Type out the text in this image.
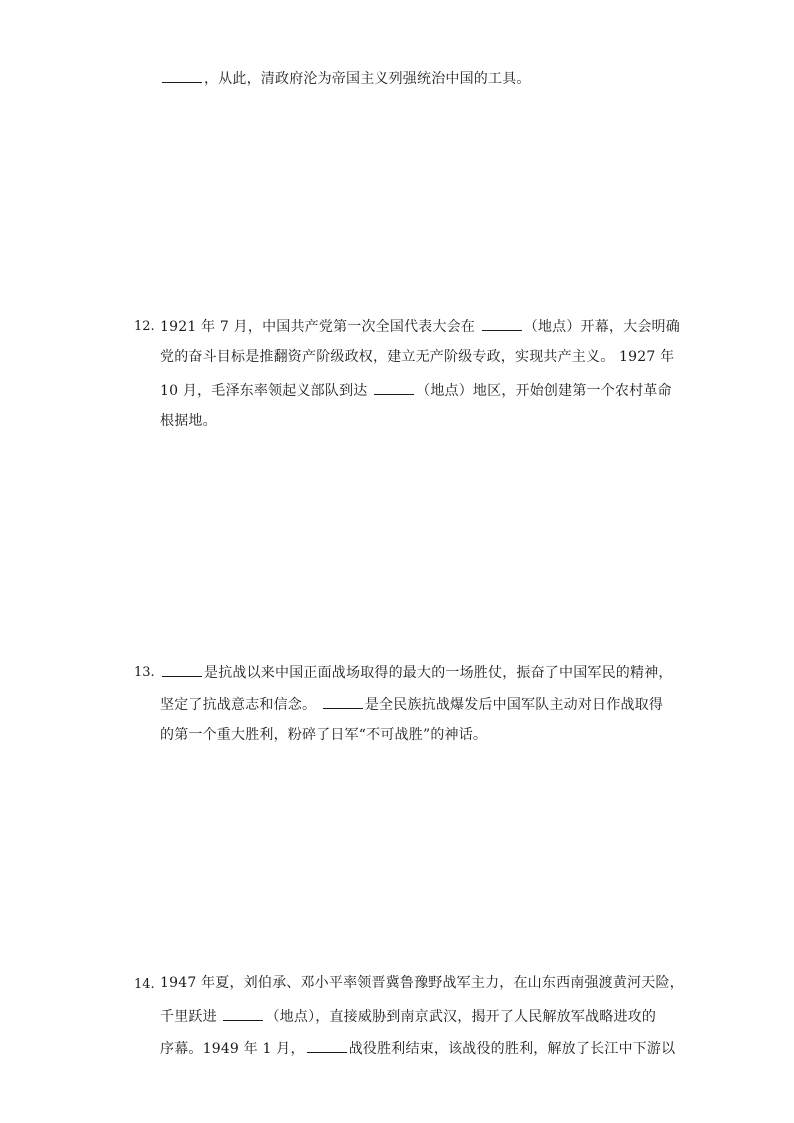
，从此，清政府沦为帝国主义列强统治中国的工具。
12. 1921 年 7 月，中国共产党第一次全国代表大会在	（地点）开幕，大会明确
党的奋斗目标是推翻资产阶级政权，建立无产阶级专政，实现共产主义。 1927 年
10 月，毛泽东率领起义部队到达	（地点）地区，开始创建第一个农村革命
根据地。
13.	是抗战以来中国正面战场取得的最大的一场胜仗，振奋了中国军民的精神，
坚定了抗战意志和信念。	是全民族抗战爆发后中国军队主动对日作战取得
的第一个重大胜利，粉碎了日军“不可战胜”的神话。
14. 1947 年夏，刘伯承、邓小平率领晋冀鲁豫野战军主力，在山东西南强渡黄河天险，
千里跃进	（地点），直接威胁到南京武汉，揭开了人民解放军战略进攻的
序幕。1949 年 1 月，	战役胜利结束，该战役的胜利，解放了长江中下游以
